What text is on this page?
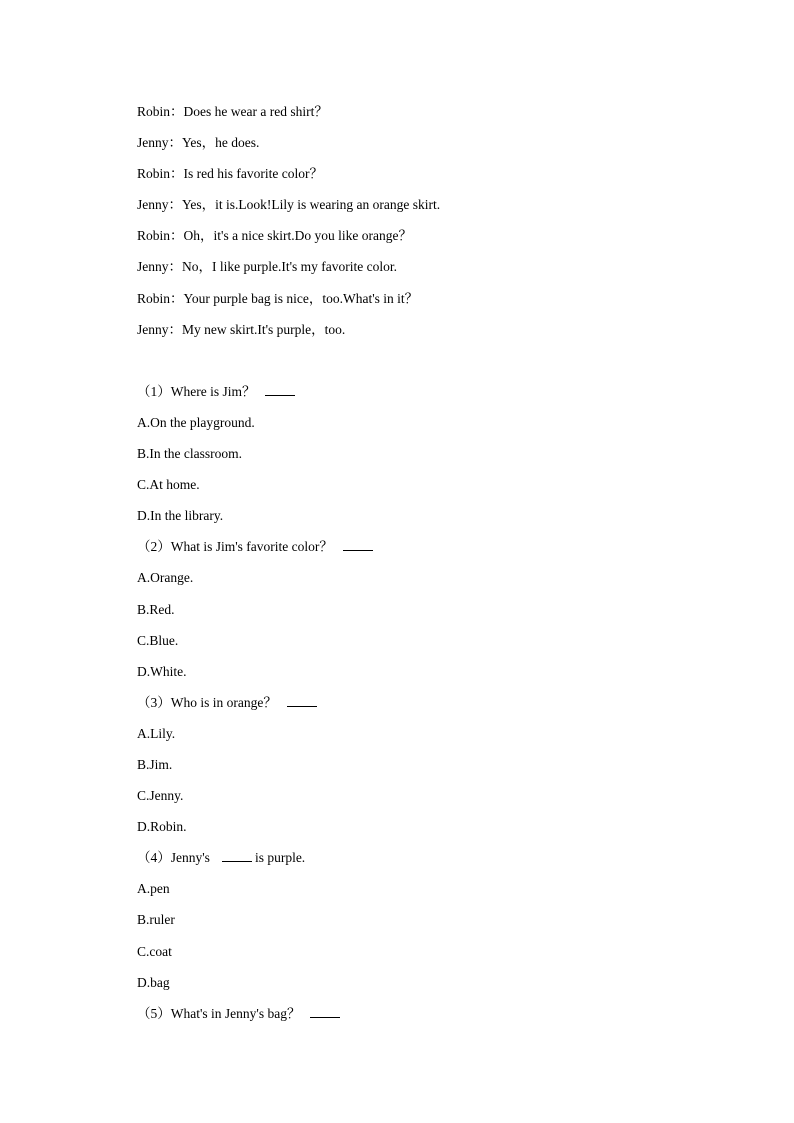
Robin：Does he wear a red shirt？
Jenny：Yes，he does.
Robin：Is red his favorite color？
Jenny：Yes，it is.Look!Lily is wearing an orange skirt.
Robin：Oh，it's a nice skirt.Do you like orange？
Jenny：No，I like purple.It's my favorite color.
Robin：Your purple bag is nice，too.What's in it？
Jenny：My new skirt.It's purple，too.
（1）Where is Jim？
A.On the playground.
B.In the classroom.
C.At home.
D.In the library.
（2）What is Jim's favorite color？
A.Orange.
B.Red.
C.Blue.
D.White.
（3）Who is in orange？
A.Lily.
B.Jim.
C.Jenny.
D.Robin.
（4）Jenny's	is purple.
A.pen
B.ruler
C.coat
D.bag
（5）What's in Jenny's bag？
